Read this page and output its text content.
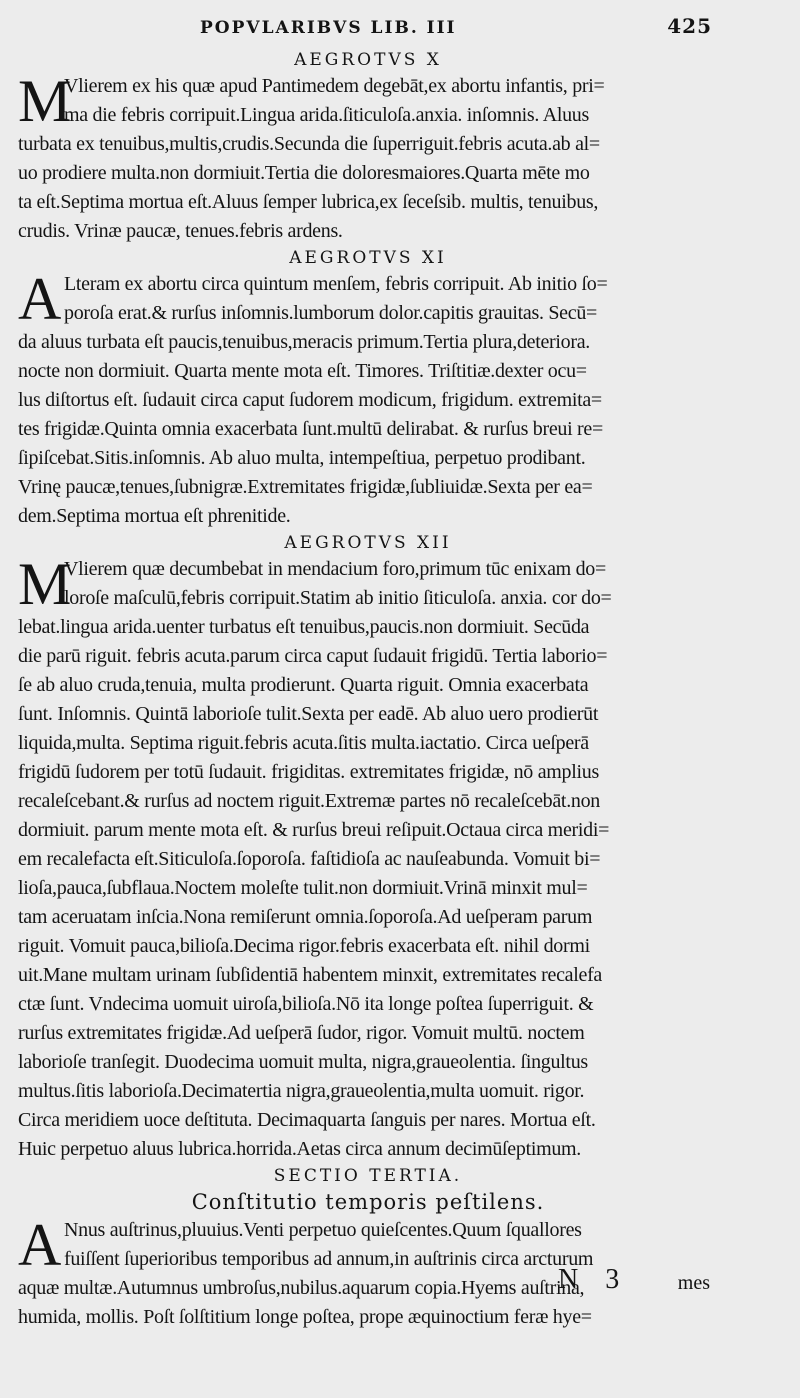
POPVLARIBVS LIB. III	425
AEGROTVS X
M
Vlierem ex his quæ apud Pantimedem degebāt,ex abortu infantis, pri=
ma die febris corripuit.Lingua arida.ſiticuloſa.anxia. inſomnis. Aluus
turbata ex tenuibus,multis,crudis.Secunda die ſuperriguit.febris acuta.ab al=
uo prodiere multa.non dormiuit.Tertia die doloresmaiores.Quarta mēte mo
ta eſt.Septima mortua eſt.Aluus ſemper lubrica,ex ſeceſsib. multis, tenuibus,
crudis. Vrinæ paucæ, tenues.febris ardens.
AEGROTVS XI
A Lteram ex abortu circa quintum menſem, febris corripuit. Ab initio ſo=
poroſa erat.& rurſus inſomnis.lumborum dolor.capitis grauitas. Secū=
da aluus turbata eſt paucis,tenuibus,meracis primum.Tertia plura,deteriora.
nocte non dormiuit. Quarta mente mota eſt. Timores. Triſtitiæ.dexter ocu=
lus diſtortus eſt. ſudauit circa caput ſudorem modicum, frigidum. extremita=
tes frigidæ.Quinta omnia exacerbata ſunt.multū delirabat. & rurſus breui re=
ſipiſcebat.Sitis.inſomnis. Ab aluo multa, intempeſtiua, perpetuo prodibant.
Vrinę paucæ,tenues,ſubnigræ.Extremitates frigidæ,ſubliuidæ.Sexta per ea=
dem.Septima mortua eſt phrenitide.
AEGROTVS XII
M
Vlierem quæ decumbebat in mendacium foro,primum tūc enixam do=
loroſe maſculū,febris corripuit.Statim ab initio ſiticuloſa. anxia. cor do=
lebat.lingua arida.uenter turbatus eſt tenuibus,paucis.non dormiuit. Secūda
die parū riguit. febris acuta.parum circa caput ſudauit frigidū. Tertia laborio=
ſe ab aluo cruda,tenuia, multa prodierunt. Quarta riguit. Omnia exacerbata
ſunt. Inſomnis. Quintā laborioſe tulit.Sexta per eadē. Ab aluo uero prodierūt
liquida,multa. Septima riguit.febris acuta.ſitis multa.iactatio. Circa ueſperā
frigidū ſudorem per totū ſudauit. frigiditas. extremitates frigidæ, nō amplius
recaleſcebant.& rurſus ad noctem riguit.Extremæ partes nō recaleſcebāt.non
dormiuit. parum mente mota eſt. & rurſus breui reſipuit.Octaua circa meridi=
em recalefacta eſt.Siticuloſa.ſoporoſa. faſtidioſa ac nauſeabunda. Vomuit bi=
lioſa,pauca,ſubflaua.Noctem moleſte tulit.non dormiuit.Vrinā minxit mul=
tam aceruatam inſcia.Nona remiſerunt omnia.ſoporoſa.Ad ueſperam parum
riguit. Vomuit pauca,bilioſa.Decima rigor.febris exacerbata eſt. nihil dormi
uit.Mane multam urinam ſubſidentiā habentem minxit, extremitates recalefa
ctæ ſunt. Vndecima uomuit uiroſa,bilioſa.Nō ita longe poſtea ſuperriguit. &
rurſus extremitates frigidæ.Ad ueſperā ſudor, rigor. Vomuit multū. noctem
laborioſe tranſegit. Duodecima uomuit multa, nigra,graueolentia. ſingultus
multus.ſitis laborioſa.Decimatertia nigra,graueolentia,multa uomuit. rigor.
Circa meridiem uoce deſtituta. Decimaquarta ſanguis per nares. Mortua eſt.
Huic perpetuo aluus lubrica.horrida.Aetas circa annum decimūſeptimum.
SECTIO TERTIA.
Conſtitutio temporis peſtilens.
A Nnus auſtrinus,pluuius.Venti perpetuo quieſcentes.Quum ſquallores
fuiſſent ſuperioribus temporibus ad annum,in auſtrinis circa arcturum
aquæ multæ.Autumnus umbroſus,nubilus.aquarum copia.Hyems auſtrina,
humida, mollis. Poſt ſolſtitium longe poſtea, prope æquinoctium feræ hye=
N 3 mes
